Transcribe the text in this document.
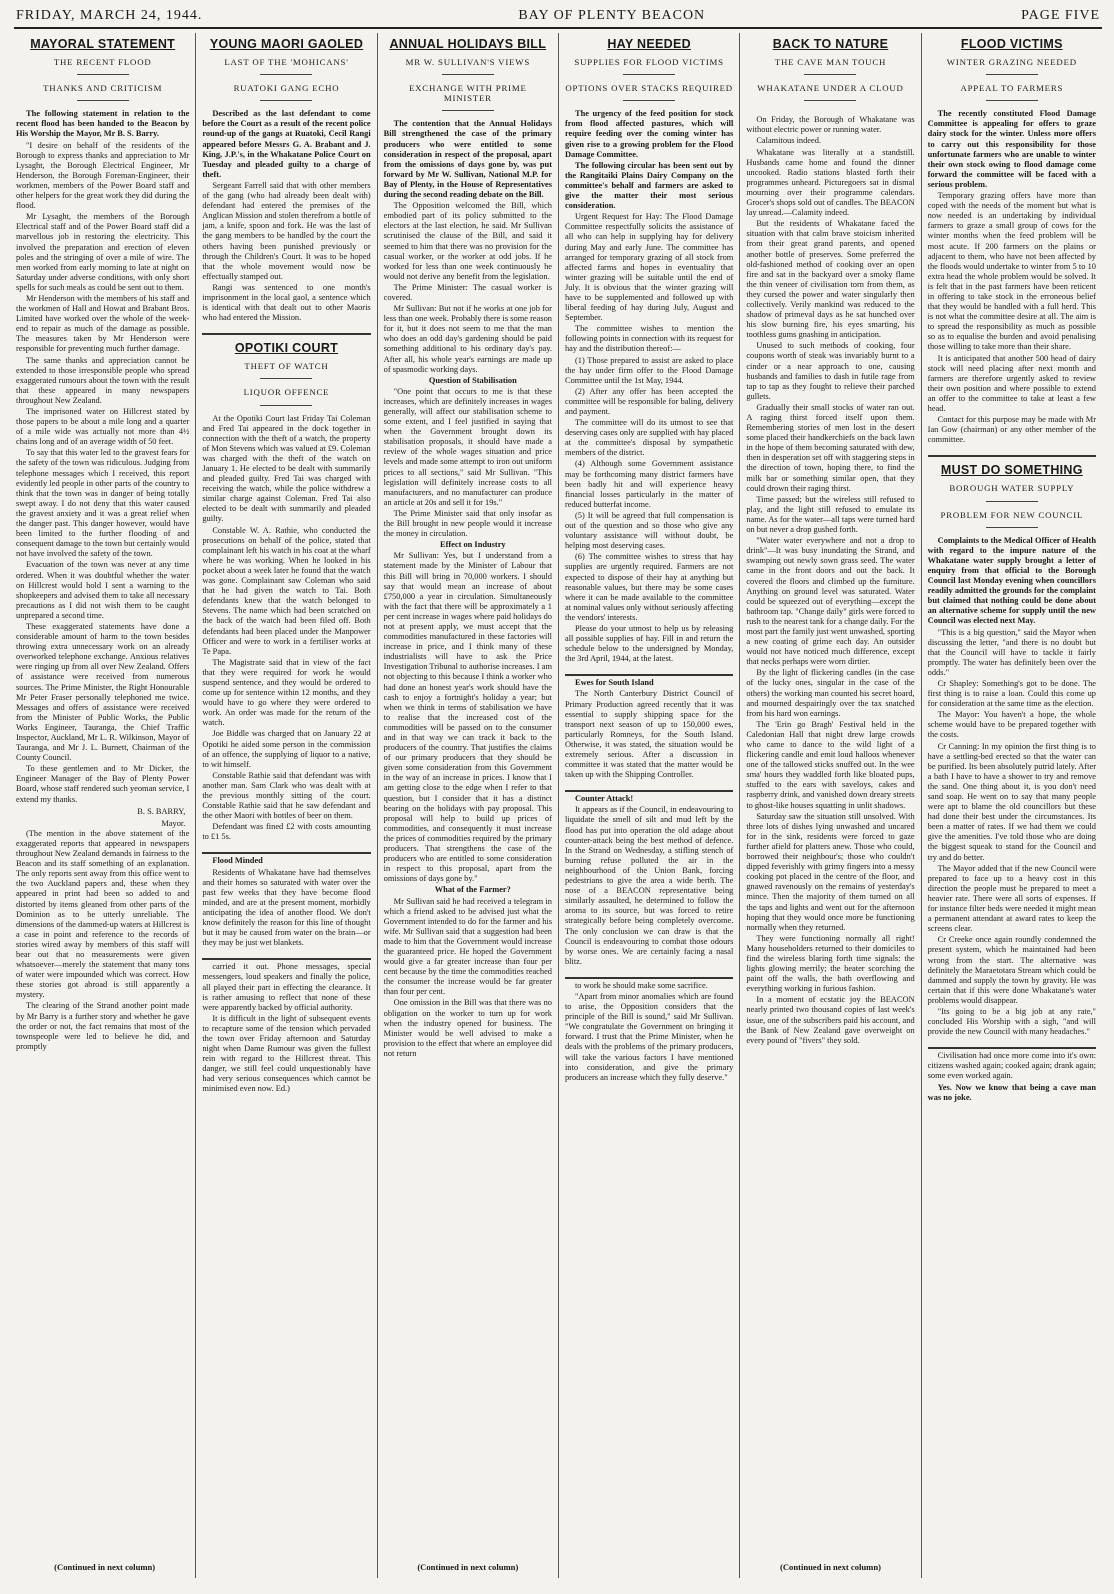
FRIDAY, MARCH 24, 1944.	BAY OF PLENTY BEACON	PAGE FIVE
MAYORAL STATEMENT
THE RECENT FLOOD
THANKS AND CRITICISM

The following statement in relation to the recent flood has been handed to the Beacon by His Worship the Mayor, Mr B. S. Barry.

"I desire on behalf of the residents of the Borough to express thanks and appreciation to Mr Lysaght, the Borough Electrical Engineer, Mr Henderson, the Borough Foreman-Engineer, their workmen, members of the Power Board staff and other helpers for the great work they did during the flood.

Mr Lysaght, the members of the Borough Electrical staff and of the Power Board staff did a marvellous job in restoring the electricity. This involved the preparation and erection of eleven poles and the stringing of over a mile of wire. The men worked from early morning to late at night on Saturday under adverse conditions, with only short spells for such meals as could be sent out to them.

Mr Henderson with the members of his staff and the workmen of Hall and Howat and Brabant Bros. Limited have worked over the whole of the week-end to repair as much of the damage as possible. The measures taken by Mr Henderson were responsible for preventing much further damage.

The same thanks and appreciation cannot be extended to those irresponsible people who spread exaggerated rumours about the town with the result that these appeared in many newspapers throughout New Zealand.

The imprisoned water on Hillcrest stated by those papers to be about a mile long and a quarter of a mile wide was actually not more than 4½ chains long and of an average width of 50 feet.

To say that this water led to the gravest fears for the safety of the town was ridiculous. Judging from telephone messages which I received, this report evidently led people in other parts of the country to think that the town was in danger of being totally swept away. I do not deny that this water caused the gravest anxiety and it was a great relief when the danger past. This danger however, would have been limited to the further flooding of and consequent damage to the town but certainly would not have involved the safety of the town.

Evacuation of the town was never at any time ordered. When it was doubtful whether the water on Hillcrest would hold I sent a warning to the shopkeepers and advised them to take all necessary precautions as I did not wish them to be caught unprepared a second time.

These exaggerated statements have done a considerable amount of harm to the town besides throwing extra unnecessary work on an already overworked telephone exchange. Anxious relatives were ringing up from all over New Zealand. Offers of assistance were received from numerous sources. The Prime Minister, the Right Honourable Mr Peter Fraser personally telephoned me twice. Messages and offers of assistance were received from the Minister of Public Works, the Public Works Engineer, Tauranga, the Chief Traffic Inspector, Auckland, Mr L. R. Wilkinson, Mayor of Tauranga, and Mr J. L. Burnett, Chairman of the County Council.

To these gentlemen and to Mr Dicker, the Engineer Manager of the Bay of Plenty Power Board, whose staff rendered such yeoman service, I extend my thanks.

B. S. BARRY,
Mayor.

(The mention in the above statement of the exaggerated reports that appeared in newspapers throughout New Zealand demands in fairness to the Beacon and its staff something of an explanation. The only reports sent away from this office went to the two Auckland papers and, these when they appeared in print had been so added to and distorted by items gleaned from other parts of the Dominion as to be utterly unreliable. The dimensions of the dammed-up waters at Hillcrest is a case in point and reference to the records of stories wired away by members of this staff will bear out that no measurements were given whatsoever—merely the statement that many tons of water were impounded which was correct. How these stories got abroad is still apparently a mystery.

The clearing of the Strand another point made by Mr Barry is a further story and whether he gave the order or not, the fact remains that most of the townspeople were led to believe he did, and promptly

(Continued in next column)
YOUNG MAORI GAOLED
LAST OF THE 'MOHICANS'
RUATOKI GANG ECHO

Described as the last defendant to come before the Court as a result of the recent police round-up of the gangs at Ruatoki, Cecil Rangi appeared before Messrs G. A. Brabant and J. King, J.P.'s, in the Whakatane Police Court on Tuesday and pleaded guilty to a charge of theft.

Sergeant Farrell said that with other members of the gang (who had already been dealt with) defendant had entered the premises of the Anglican Mission and stolen therefrom a bottle of jam, a knife, spoon and fork. He was the last of the gang members to be handled by the court the others having been punished previously or through the Children's Court. It was to be hoped that the whole movement would now be effectually stamped out.

Rangi was sentenced to one month's imprisonment in the local gaol, a sentence which is identical with that dealt out to other Maoris who had entered the Mission.

OPOTIKI COURT
THEFT OF WATCH
LIQUOR OFFENCE

At the Opotiki Court last Friday Tai Coleman and Fred Tai appeared in the dock together in connection with the theft of a watch, the property of Mon Stevens which was valued at £9. Coleman was charged with the theft of the watch on January 1. He elected to be dealt with summarily and pleaded guilty. Fred Tai was charged with receiving the watch, while the police withdrew a similar charge against Coleman. Fred Tai also elected to be dealt with summarily and pleaded guilty.

Constable W. A. Rathie, who conducted the prosecutions on behalf of the police, stated that complainant left his watch in his coat at the wharf where he was working. When he looked in his pocket about a week later he found that the watch was gone. Complainant saw Coleman who said that he had given the watch to Tai. Both defendants knew that the watch belonged to Stevens. The name which had been scratched on the back of the watch had been filed off. Both defendants had been placed under the Manpower Officer and were to work in a fertiliser works at Te Papa.

The Magistrate said that in view of the fact that they were required for work he would suspend sentence, and they would be ordered to come up for sentence within 12 months, and they would have to go where they were ordered to work. An order was made for the return of the watch.

Joe Biddle was charged that on January 22 at Opotiki he aided some person in the commission of an offence, the supplying of liquor to a native, to wit himself.

Constable Rathie said that defendant was with another man. Sam Clark who was dealt with at the previous monthly sitting of the court. Constable Rathie said that he saw defendant and the other Maori with bottles of beer on them.

Defendant was fined £2 with costs amounting to £1 5s.

Flood Minded

Residents of Whakatane have had themselves and their homes so saturated with water over the past few weeks that they have become flood minded, and are at the present moment, morbidly anticipating the idea of another flood. We don't know definitely the reason for this line of thought but it may be caused from water on the brain—or they may be just wet blankets.

carried it out. Phone messages, special messengers, loud speakers and finally the police, all played their part in effecting the clearance. It is rather amusing to reflect that none of these were apparently backed by official authority.

It is difficult in the light of subsequent events to recapture some of the tension which pervaded the town over Friday afternoon and Saturday night when Dame Rumour was given the fullest rein with regard to the Hillcrest threat. This danger, we still feel could unquestionably have had very serious consequences which cannot be minimised even now. Ed.)

ANNUAL HOLIDAYS BILL
MR W. SULLIVAN'S VIEWS
EXCHANGE WITH PRIME MINISTER

The contention that the Annual Holidays Bill strengthened the case of the primary producers who were entitled to some consideration in respect of the proposal, apart from the omissions of days gone by, was put forward by Mr W. Sullivan, National M.P. for Bay of Plenty, in the House of Representatives during the second reading debate on the Bill.

The Opposition welcomed the Bill, which embodied part of its policy submitted to the electors at the last election, he said. Mr Sullivan scrutinised the clause of the Bill, and said it seemed to him that there was no provision for the casual worker, or the worker at odd jobs. If he worked for less than one week continuously he would not derive any benefit from the legislation.

The Prime Minister: The casual worker is covered.

Mr Sullivan: But not if he works at one job for less than one week. Probably there is some reason for it, but it does not seem to me that the man who does an odd day's gardening should be paid something additional to his ordinary day's pay. After all, his whole year's earnings are made up of spasmodic working days.

Question of Stabilisation

"One point that occurs to me is that these increases, which are definitely increases in wages generally, will affect our stabilisation scheme to some extent, and I feel justified in saying that when the Government brought down its stabilisation proposals, it should have made a review of the whole wages situation and price levels and made some attempt to iron out uniform prices to all sections," said Mr Sullivan. "This legislation will definitely increase costs to all manufacturers, and no manufacturer can produce an article at 20s and sell it for 19s."

The Prime Minister said that only insofar as the Bill brought in new people would it increase the money in circulation.

Effect on Industry

Mr Sullivan: Yes, but I understand from a statement made by the Minister of Labour that this Bill will bring in 70,000 workers. I should say that would mean an increase of about £750,000 a year in circulation. Simultaneously with the fact that there will be approximately a 1 per cent increase in wages where paid holidays do not at present apply, we must accept that the commodities manufactured in these factories will increase in price, and I think many of these industrialists will have to ask the Price Investigation Tribunal to authorise increases. I am not objecting to this because I think a worker who had done an honest year's work should have the cash to enjoy a fortnight's holiday a year; but when we think in terms of stabilisation we have to realise that the increased cost of the commodities will be passed on to the consumer and in that way we can track it back to the producers of the country. That justifies the claims of our primary producers that they should be given some consideration from this Government in the way of an increase in prices. I know that I am getting close to the edge when I refer to that question, but I consider that it has a distinct bearing on the holidays with pay proposal. This proposal will help to build up prices of commodities, and consequently it must increase the prices of commodities required by the primary producers. That strengthens the case of the producers who are entitled to some consideration in respect to this proposal, apart from the omissions of days gone by."

What of the Farmer?

Mr Sullivan said he had received a telegram in which a friend asked to be advised just what the Government intended to do for the farmer and his wife. Mr Sullivan said that a suggestion had been made to him that the Government would increase the guaranteed price. He hoped the Government would give a far greater increase than four per cent because by the time the commodities reached the consumer the increase would be far greater than four per cent.

One omission in the Bill was that there was no obligation on the worker to turn up for work when the industry opened for business. The Minister would be well advised to make a provision to the effect that where an employee did not return

(Continued in next column)
HAY NEEDED
SUPPLIES FOR FLOOD VICTIMS
OPTIONS OVER STACKS REQUIRED

The urgency of the feed position for stock from flood affected pastures, which will require feeding over the coming winter has given rise to a growing problem for the Flood Damage Committee.

The following circular has been sent out by the Rangitaiki Plains Dairy Company on the committee's behalf and farmers are asked to give the matter their most serious consideration.

Urgent Request for Hay: The Flood Damage Committee respectfully solicits the assistance of all who can help in supplying hay for delivery during May and early June. The committee has arranged for temporary grazing of all stock from affected farms and hopes in eventuality that winter grazing will be suitable until the end of July. It is obvious that the winter grazing will have to be supplemented and followed up with liberal feeding of hay during July, August and September.

The committee wishes to mention the following points in connection with its request for hay and the distribution thereof:—

(1) Those prepared to assist are asked to place the hay under firm offer to the Flood Damage Committee until the 1st May, 1944.

(2) After any offer has been accepted the committee will be responsible for baling, delivery and payment.

The committee will do its utmost to see that deserving cases only are supplied with hay placed at the committee's disposal by sympathetic members of the district.

(4) Although some Government assistance may be forthcoming many district farmers have been badly hit and will experience heavy financial losses particularly in the matter of reduced butterfat income.

(5) It will be agreed that full compensation is out of the question and so those who give any voluntary assistance will without doubt, be helping most deserving cases.

(6) The committee wishes to stress that hay supplies are urgently required. Farmers are not expected to dispose of their hay at anything but reasonable values, but there may be some cases where it can be made available to the committee at nominal values only without seriously affecting the vendors' interests.

Please do your utmost to help us by releasing all possible supplies of hay. Fill in and return the schedule below to the undersigned by Monday, the 3rd April, 1944, at the latest.

Ewes for South Island

The North Canterbury District Council of Primary Production agreed recently that it was essential to supply shipping space for the transport next season of up to 150,000 ewes, particularly Romneys, for the South Island. Otherwise, it was stated, the situation would be extremely serious. After a discussion in committee it was stated that the matter would be taken up with the Shipping Controller.

Counter Attack!

It appears as if the Council, in endeavouring to liquidate the smell of silt and mud left by the flood has put into operation the old adage about counter-attack being the best method of defence. In the Strand on Wednesday, a stifling stench of burning refuse polluted the air in the neighbourhood of the Union Bank, forcing pedestrians to give the area a wide berth. The nose of a BEACON representative being similarly assaulted, he determined to follow the aroma to its source, but was forced to retire strategically before being completely overcome. The only conclusion we can draw is that the Council is endeavouring to combat those odours by worse ones. We are certainly facing a nasal blitz.

to work he should make some sacrifice.

"Apart from minor anomalies which are found to arise, the Opposition considers that the principle of the Bill is sound," said Mr Sullivan. "We congratulate the Government on bringing it forward. I trust that the Prime Minister, when he deals with the problems of the primary producers, will take the various factors I have mentioned into consideration, and give the primary producers an increase which they fully deserve."

BACK TO NATURE
THE CAVE MAN TOUCH
WHAKATANE UNDER A CLOUD

On Friday, the Borough of Whakatane was without electric power or running water.

Calamitous indeed.

Whakatane was literally at a standstill. Husbands came home and found the dinner uncooked. Radio stations blasted forth their programmes unheard. Picturegoers sat in dismal mourning over their programme calendars. Grocer's shops sold out of candles. The BEACON lay unread.—Calamity indeed.

But the residents of Whakatane faced the situation with that calm brave stoicism inherited from their great grand parents, and opened another bottle of preserves. Some preferred the old-fashioned method of cooking over an open fire and sat in the backyard over a smoky flame the thin veneer of civilisation torn from them, as they cursed the power and water singularly then collectively. Verily mankind was reduced to the shadow of primeval days as he sat hunched over his slow burning fire, his eyes smarting, his toothless gums gnashing in anticipation.

Unused to such methods of cooking, four coupons worth of steak was invariably burnt to a cinder or a near approach to one, causing husbands and families to dash in futile rage from tap to tap as they fought to relieve their parched gullets.

Gradually their small stocks of water ran out. A raging thirst forced itself upon them. Remembering stories of men lost in the desert some placed their handkerchiefs on the back lawn in the hope of them becoming saturated with dew, then in desperation set off with staggering steps in the direction of town, hoping there, to find the milk bar or something similar open, that they could drown their raging thirst.

Time passed; but the wireless still refused to play, and the light still refused to emulate its name. As for the water—all taps were turned hard on but never a drop gushed forth.

"Water water everywhere and not a drop to drink"—It was busy inundating the Strand, and swamping out newly sown grass seed. The water came in the front doors and out the back. It covered the floors and climbed up the furniture. Anything on ground level was saturated. Water could be squeezed out of everything—except the bathroom tap. "Change daily" girls were forced to rush to the nearest tank for a change daily. For the most part the family just went unwashed, sporting a new coating of grime each day. An outsider would not have noticed much difference, except that necks perhaps were worn dirtier.

By the light of flickering candles (in the case of the lucky ones, singular in the case of the others) the working man counted his secret hoard, and mourned despairingly over the tax snatched from his hard won earnings.

The 'Erin go Bragh' Festival held in the Caledonian Hall that night drew large crowds who came to dance to the wild light of a flickering candle and emit loud halloos whenever one of the tallowed sticks snuffed out. In the wee sma' hours they waddled forth like bloated pups, stuffed to the ears with saveloys, cakes and raspberry drink, and vanished down dreary streets to ghost-like houses squatting in unlit shadows.

Saturday saw the situation still unsolved. With three lots of dishes lying unwashed and uncared for in the sink, residents were forced to gaze further afield for platters anew. Those who could, borrowed their neighbour's; those who couldn't dipped feverishly with grimy fingers into a messy cooking pot placed in the centre of the floor, and gnawed ravenously on the remains of yesterday's mince. Then the majority of them turned on all the taps and lights and went out for the afternoon hoping that they would once more be functioning normally when they returned.

They were functioning normally all right! Many householders returned to their domiciles to find the wireless blaring forth time signals: the lights glowing merrily; the heater scorching the paint off the walls, the bath overflowing and everything working in furious fashion.

In a moment of ecstatic joy the BEACON nearly printed two thousand copies of last week's issue, one of the subscribers paid his account, and the Bank of New Zealand gave overweight on every pound of "fivers" they sold.

(Continued in next column)
FLOOD VICTIMS
WINTER GRAZING NEEDED
APPEAL TO FARMERS

The recently constituted Flood Damage Committee is appealing for offers to graze dairy stock for the winter. Unless more offers to carry out this responsibility for those unfortunate farmers who are unable to winter their own stock owing to flood damage come forward the committee will be faced with a serious problem.

Temporary grazing offers have more than coped with the needs of the moment but what is now needed is an undertaking by individual farmers to graze a small group of cows for the winter months when the feed problem will be most acute. If 200 farmers on the plains or adjacent to them, who have not been affected by the floods would undertake to winter from 5 to 10 extra head the whole problem would be solved. It is felt that in the past farmers have been reticent in offering to take stock in the erroneous belief that they would be handled with a full herd. This is not what the committee desire at all. The aim is to spread the responsibility as much as possible so as to equalise the burden and avoid penalising those willing to take more than their share.

It is anticipated that another 500 head of dairy stock will need placing after next month and farmers are therefore urgently asked to review their own position and where possible to extend an offer to the committee to take at least a few head.

Contact for this purpose may be made with Mr Ian Gow (chairman) or any other member of the committee.

MUST DO SOMETHING
BOROUGH WATER SUPPLY
PROBLEM FOR NEW COUNCIL

Complaints to the Medical Officer of Health with regard to the impure nature of the Whakatane water supply brought a letter of enquiry from that official to the Borough Council last Monday evening when councillors readily admitted the grounds for the complaint but claimed that nothing could be done about an alternative scheme for supply until the new Council was elected next May.

"This is a big question," said the Mayor when discussing the letter, "and there is no doubt but that the Council will have to tackle it fairly promptly. The water has definitely been over the odds."

Cr Shapley: Something's got to be done. The first thing is to raise a loan. Could this come up for consideration at the same time as the election.

The Mayor: You haven't a hope, the whole scheme would have to be prepared together with the costs.

Cr Canning: In my opinion the first thing is to have a settling-bed erected so that the water can be purified. Its been absolutely putrid lately. After a bath I have to have a shower to try and remove the sand. One thing about it, is you don't need sand soap. He went on to say that many people were apt to blame the old councillors but these had done their best under the circumstances. Its been a matter of rates. If we had them we could give the amenities. I've told those who are doing the biggest squeak to stand for the Council and try and do better.

The Mayor added that if the new Council were prepared to face up to a heavy cost in this direction the people must be prepared to meet a heavier rate. There were all sorts of expenses. If for instance filter beds were needed it might mean a permanent attendant at award rates to keep the screens clear.

Cr Creeke once again roundly condemned the present system, which he maintained had been wrong from the start. The alternative was definitely the Maraetotara Stream which could be dammed and supply the town by gravity. He was certain that if this were done Whakatane's water problems would disappear.

"Its going to be a big job at any rate," concluded His Worship with a sigh, "and will provide the new Council with many headaches."

Civilisation had once more come into it's own: citizens washed again; cooked again; drank again; some even worked again.

Yes. Now we know that being a cave man was no joke.
